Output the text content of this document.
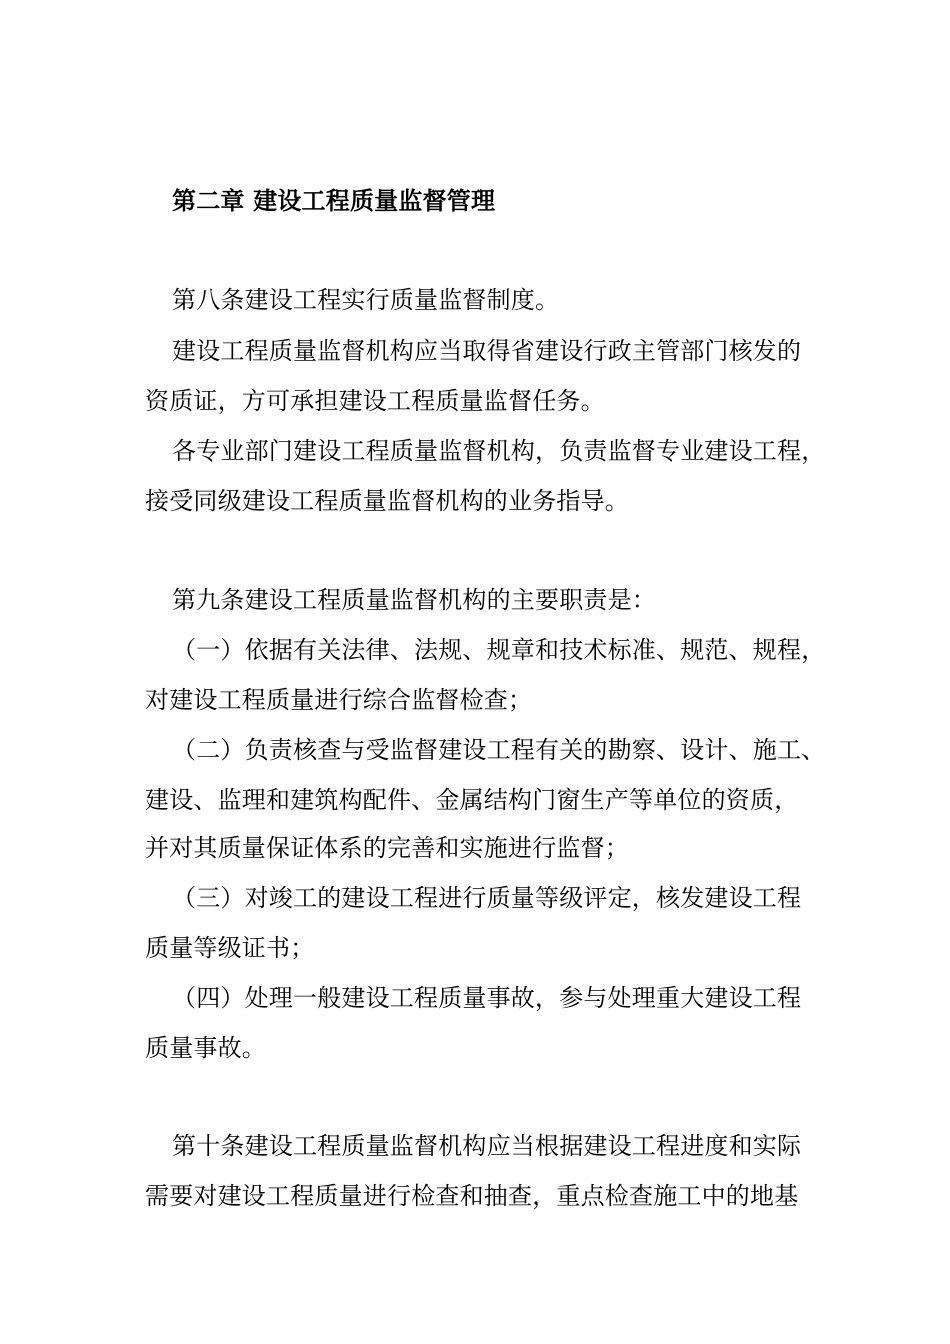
第二章 建设工程质量监督管理
第八条建设工程实行质量监督制度。
建设工程质量监督机构应当取得省建设行政主管部门核发的
资质证，方可承担建设工程质量监督任务。
各专业部门建设工程质量监督机构，负责监督专业建设工程，
接受同级建设工程质量监督机构的业务指导。
第九条建设工程质量监督机构的主要职责是：
（一）依据有关法律、法规、规章和技术标准、规范、规程，
对建设工程质量进行综合监督检查；
（二）负责核查与受监督建设工程有关的勘察、设计、施工、
建设、监理和建筑构配件、金属结构门窗生产等单位的资质，
并对其质量保证体系的完善和实施进行监督；
（三）对竣工的建设工程进行质量等级评定，核发建设工程
质量等级证书；
（四）处理一般建设工程质量事故，参与处理重大建设工程
质量事故。
第十条建设工程质量监督机构应当根据建设工程进度和实际
需要对建设工程质量进行检查和抽查，重点检查施工中的地基
